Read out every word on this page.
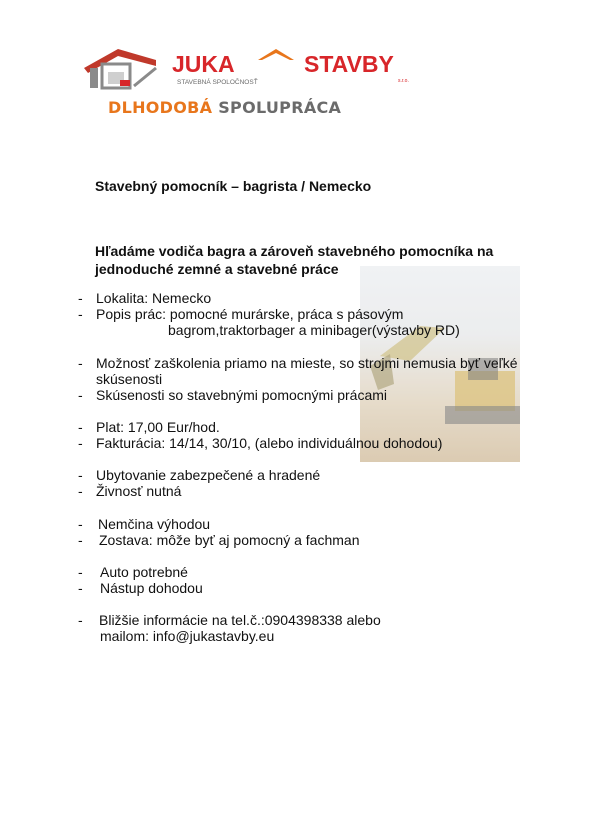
JUKA	STAVBY
STAVEBNÁ SPOLOČNOSŤ	s.r.o.
DLHODOBÁ SPOLUPRÁCA
Stavebný pomocník – bagrista / Nemecko
Hľadáme vodiča bagra a zároveň stavebného pomocníka na
jednoduché zemné a stavebné práce
- Lokalita: Nemecko
- Popis prác: pomocné murárske, práca s pásovým
bagrom,traktorbager a minibager(výstavby RD)
- Možnosť zaškolenia priamo na mieste, so strojmi nemusia byť veľké
skúsenosti
- Skúsenosti so stavebnými pomocnými prácami
- Plat: 17,00 Eur/hod.
- Fakturácia: 14/14, 30/10, (alebo individuálnou dohodou)
- Ubytovanie zabezpečené a hradené
- Živnosť nutná
- Nemčina výhodou
- Zostava: môže byť aj pomocný a fachman
- Auto potrebné
- Nástup dohodou
- Bližšie informácie na tel.č.:0904398338 alebo
mailom: info@jukastavby.eu
